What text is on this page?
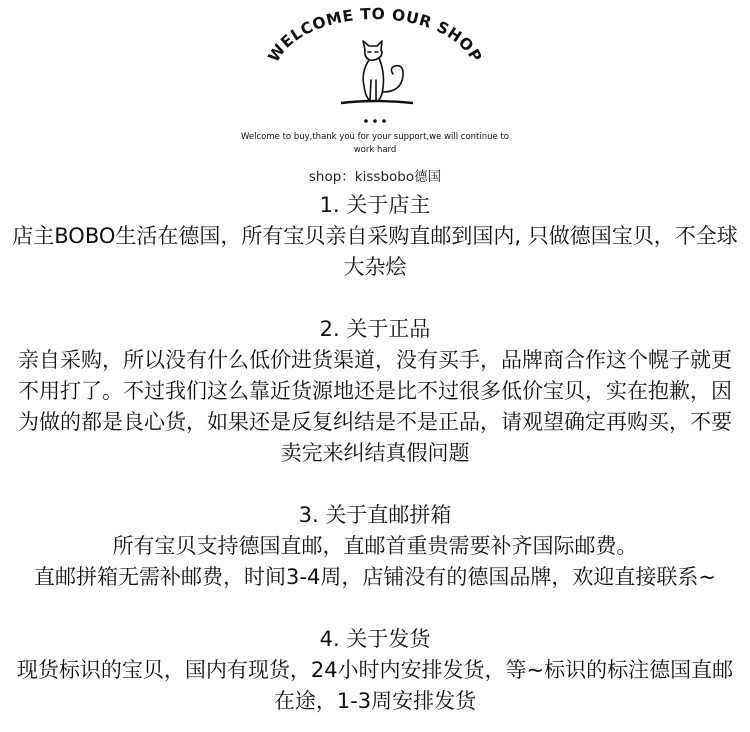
WELCOME TO OUR SHOP
Welcome to buy,thank you for your support,we will continue to work hard
shop：kissbobo德国

1. 关于店主

店主BOBO生活在德国，所有宝贝亲自采购直邮到国内, 只做德国宝贝，不全球大杂烩

2. 关于正品

亲自采购，所以没有什么低价进货渠道，没有买手，品牌商合作这个幌子就更不用打了。不过我们这么靠近货源地还是比不过很多低价宝贝，实在抱歉，因为做的都是良心货，如果还是反复纠结是不是正品，请观望确定再购买，不要卖完来纠结真假问题

3. 关于直邮拼箱

所有宝贝支持德国直邮，直邮首重贵需要补齐国际邮费。

直邮拼箱无需补邮费，时间3-4周，店铺没有的德国品牌，欢迎直接联系~

4. 关于发货

现货标识的宝贝，国内有现货，24小时内安排发货，等~标识的标注德国直邮在途，1-3周安排发货
